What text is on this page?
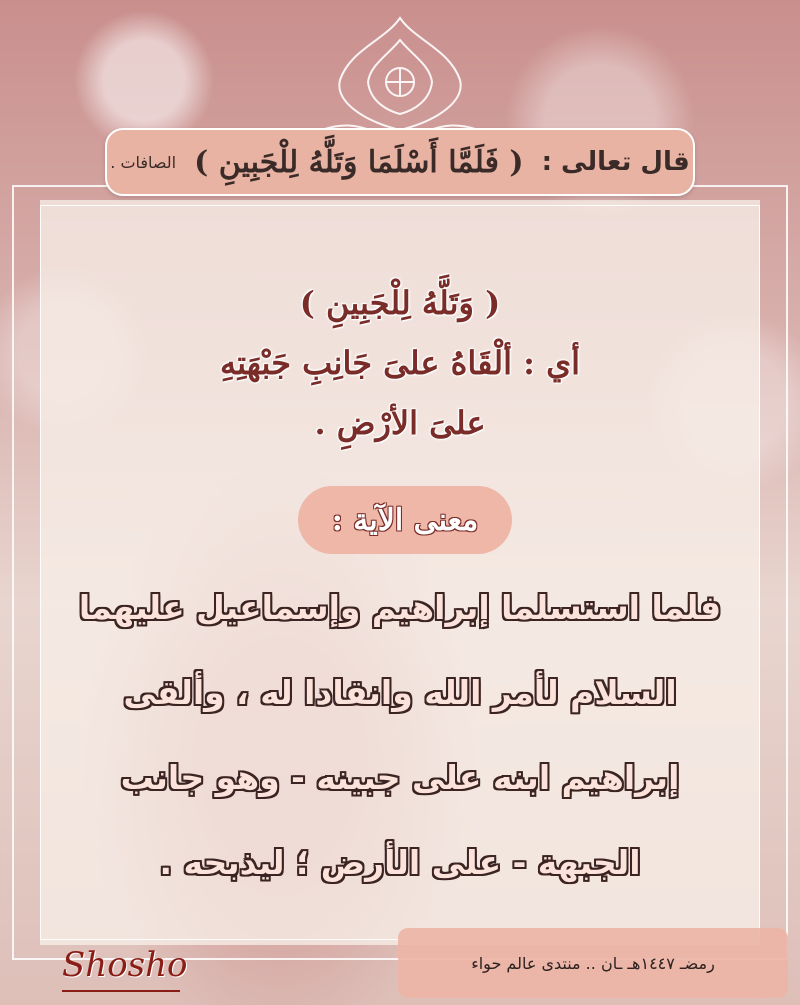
قال تعالى :
( فَلَمَّا أَسْلَمَا وَتَلَّهُ لِلْجَبِينِ )
الصافات .
( وَتَلَّهُ لِلْجَبِينِ )
أي : ألْقَاهُ علىَ جَانِبِ جَبْهَتِهِ
علىَ الأرْضِ .
معنى الآية :
فلما استسلما إبراهيم وإسماعيل عليهما
السلام لأمر الله وانقادا له ، وألقى
إبراهيم ابنه على جبينه - وهو جانب
الجبهة - على الأرض ؛ ليذبحه .
رمضـ ١٤٤٧هـ ـان .. منتدى عالم حواء
Shosho
